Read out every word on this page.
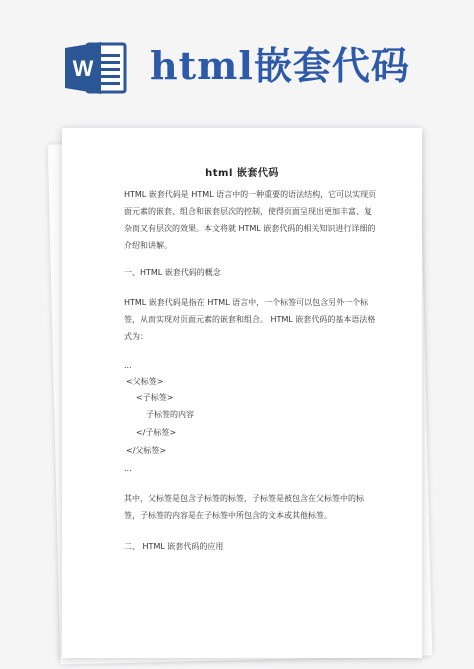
W html嵌套代码
html 嵌套代码
HTML 嵌套代码是 HTML 语言中的一种重要的语法结构，它可以实现页面元素的嵌套、组合和嵌套层次的控制，使得页面呈现出更加丰富、复杂而又有层次的效果。本文将就 HTML 嵌套代码的相关知识进行详细的介绍和讲解。
一、HTML 嵌套代码的概念
HTML 嵌套代码是指在 HTML 语言中，一个标签可以包含另外一个标签，从而实现对页面元素的嵌套和组合。 HTML 嵌套代码的基本语法格式为：
...
<父标签>
<子标签>
子标签的内容
</子标签>
</父标签>
...
其中，父标签是包含子标签的标签，子标签是被包含在父标签中的标签，子标签的内容是在子标签中所包含的文本或其他标签。
二、 HTML 嵌套代码的应用
